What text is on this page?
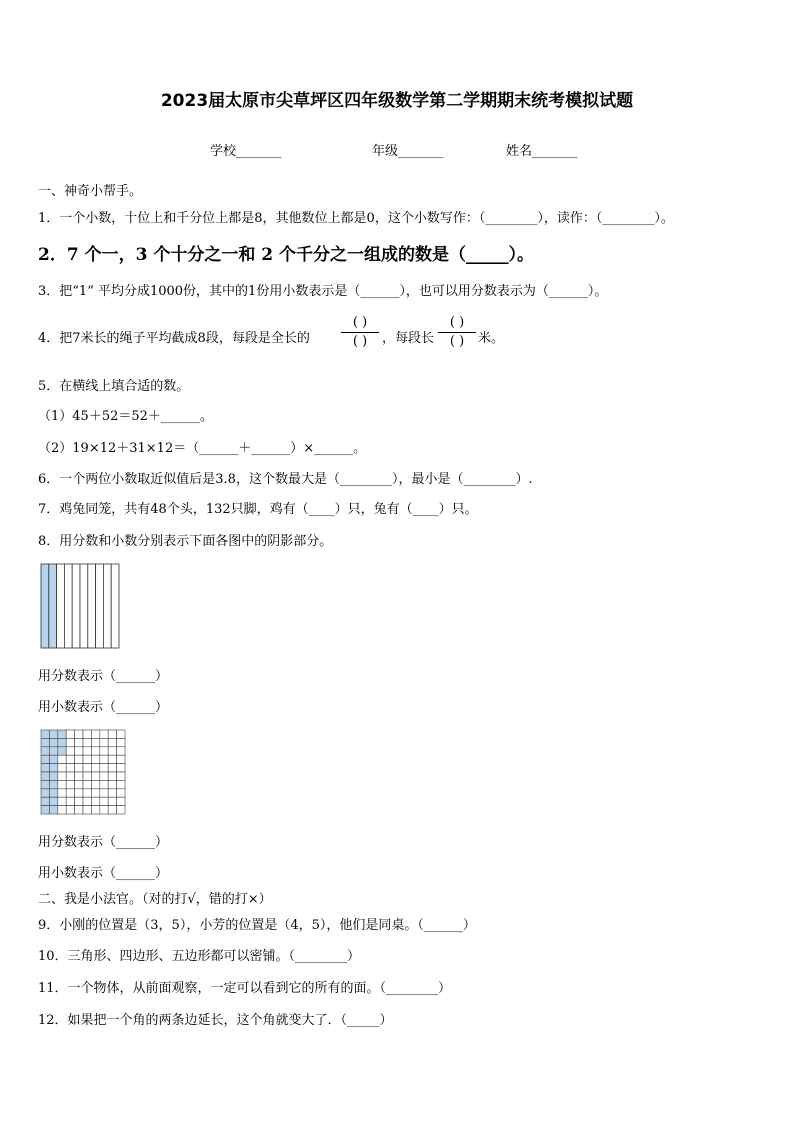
2023届太原市尖草坪区四年级数学第二学期期末统考模拟试题
学校_______	年级_______	姓名_______
一、神奇小帮手。
1．一个小数，十位上和千分位上都是8，其他数位上都是0，这个小数写作：（________），读作：（________）。
2．7 个一，3 个十分之一和 2 个千分之一组成的数是（_____）。
3．把“1” 平均分成1000份，其中的1份用小数表示是（______），也可以用分数表示为（______）。
4．把7米长的绳子平均截成8段，每段是全长的
( )
( )	，每段长
( )
( )	米。
5．在横线上填合适的数。
（1）45＋52＝52＋______。
（2）19×12＋31×12＝（______＋______）×______。
6．一个两位小数取近似值后是3.8，这个数最大是（________），最小是（________）.
7．鸡兔同笼，共有48个头，132只脚，鸡有（____）只，兔有（____）只。
8．用分数和小数分别表示下面各图中的阴影部分。
用分数表示（______）
用小数表示（______）
用分数表示（______）
用小数表示（______）
二、我是小法官。（对的打√，错的打×）
9．小刚的位置是（3，5），小芳的位置是（4，5），他们是同桌。（______）
10．三角形、四边形、五边形都可以密铺。（________）
11．一个物体，从前面观察，一定可以看到它的所有的面。（________）
12．如果把一个角的两条边延长，这个角就变大了．（_____）
